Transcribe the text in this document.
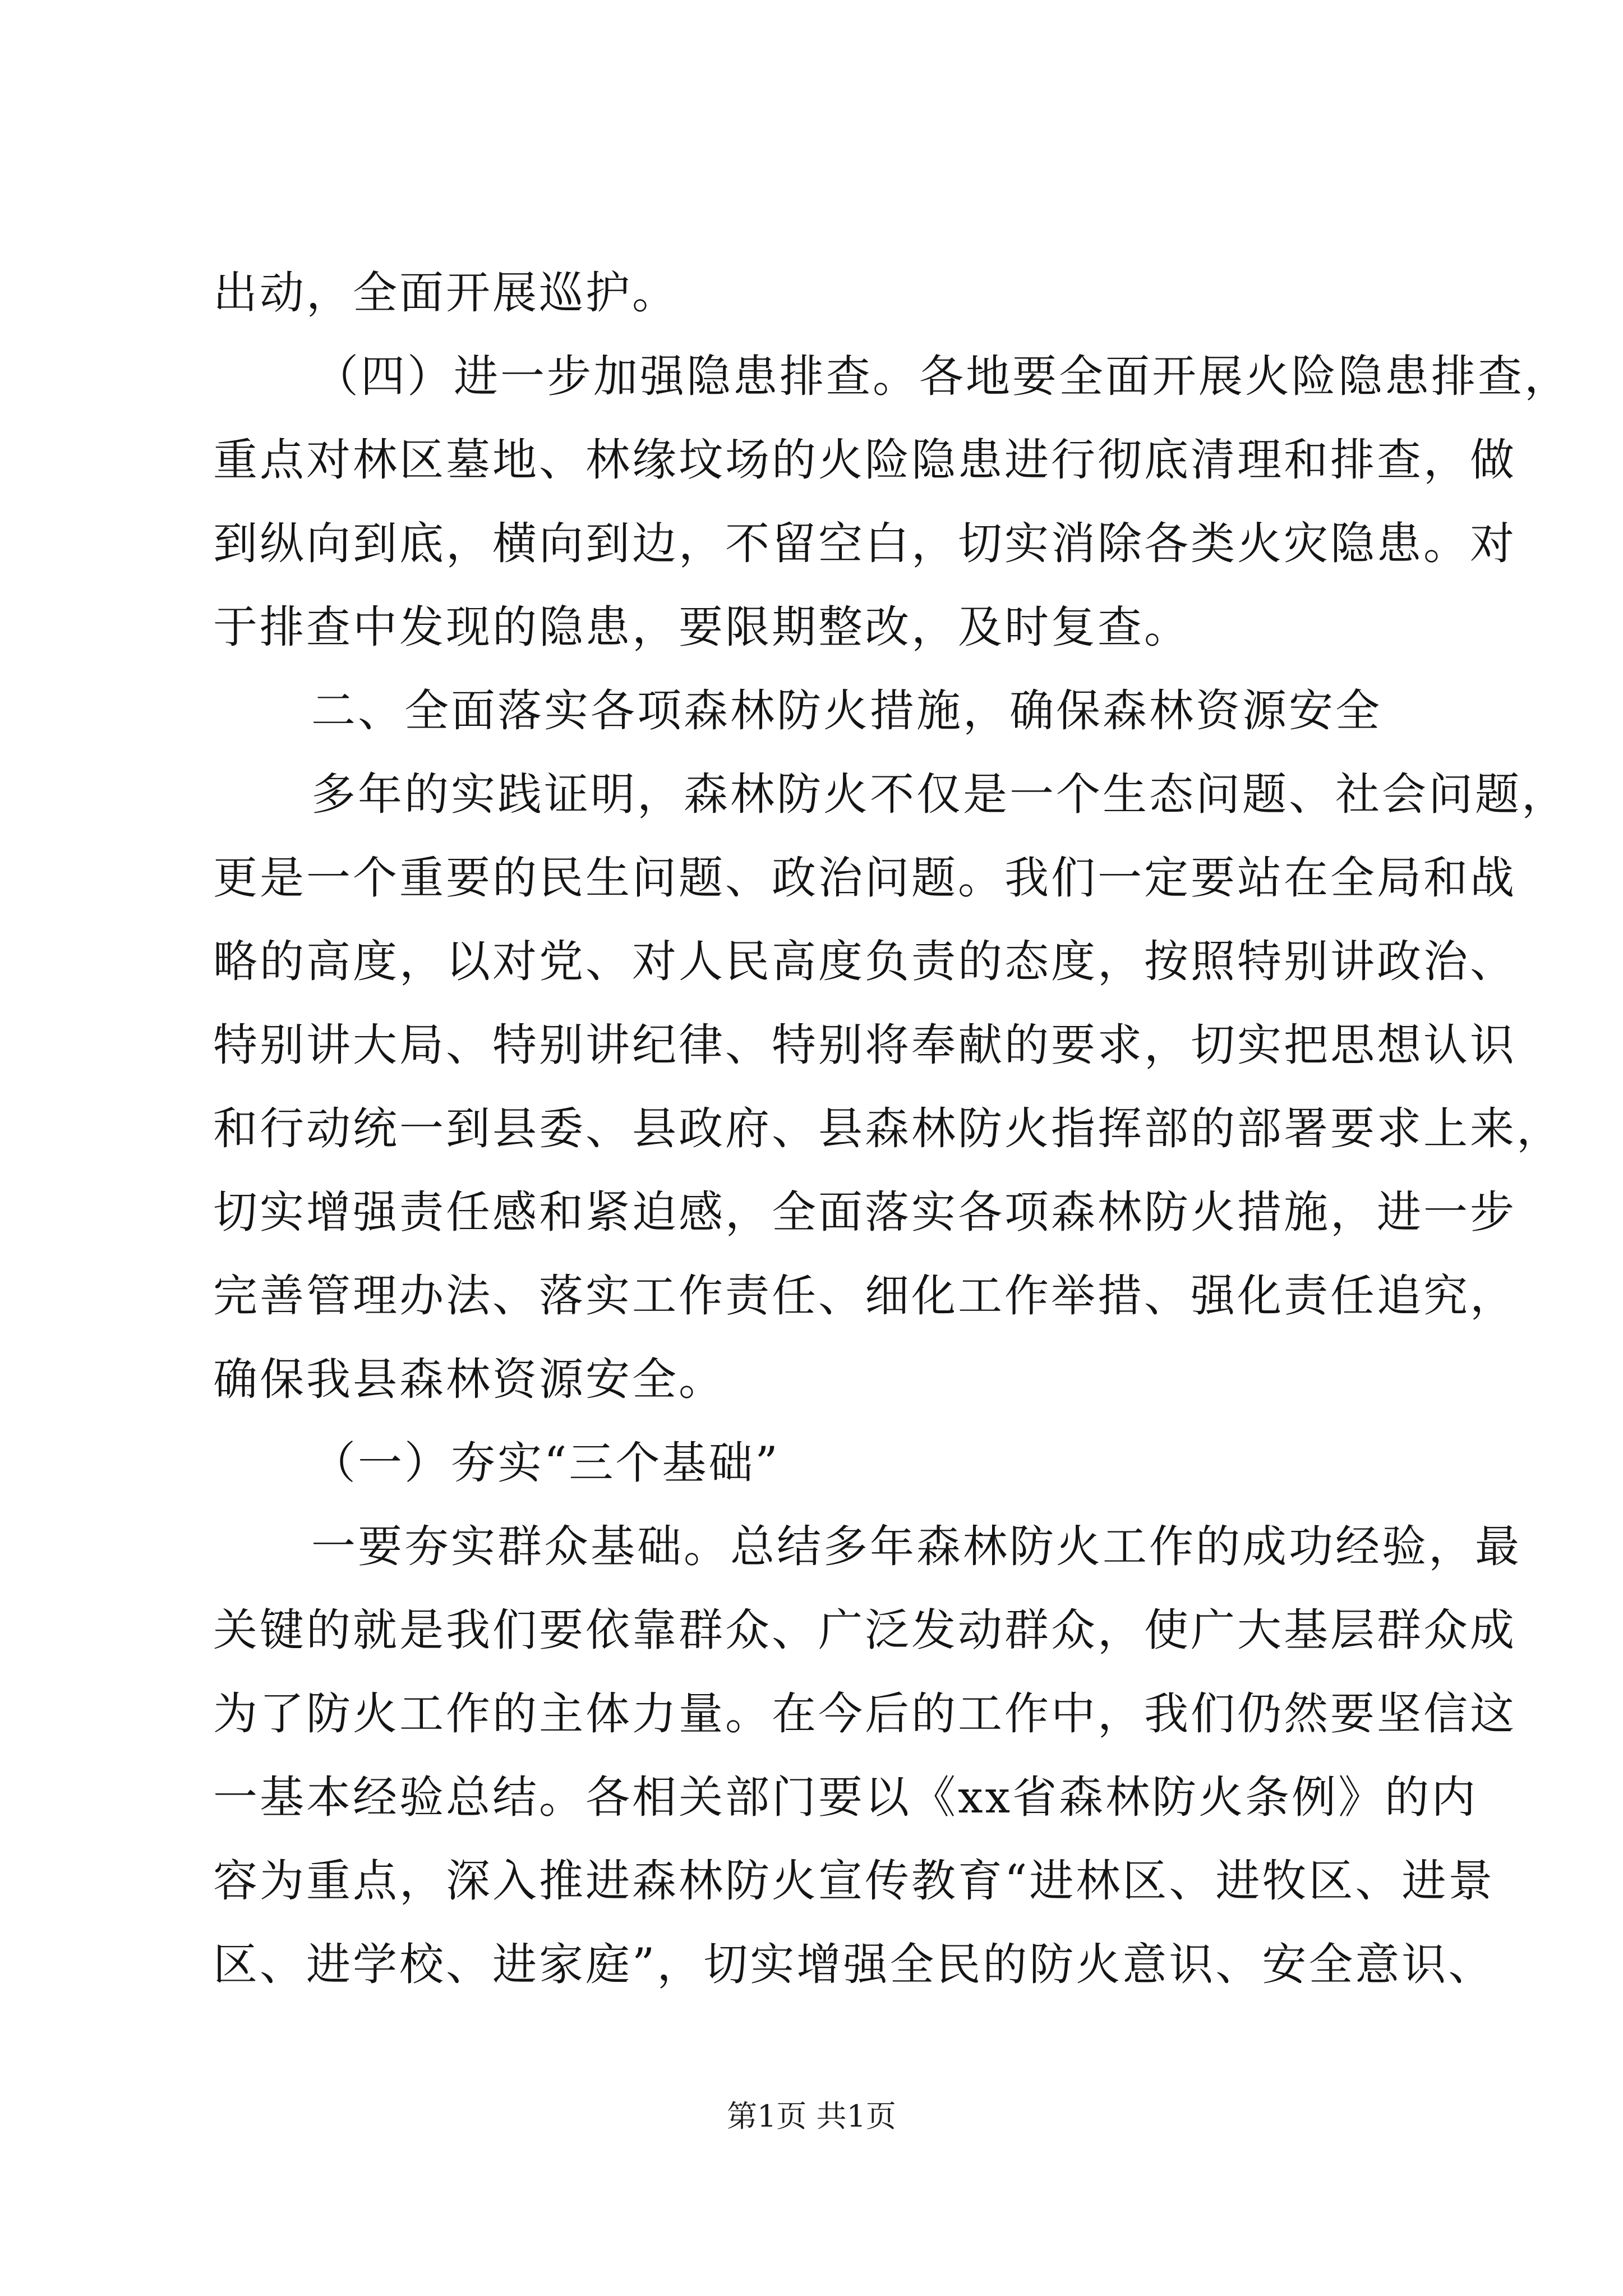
出动，全面开展巡护。

（四）进一步加强隐患排查。各地要全面开展火险隐患排查，

重点对林区墓地、林缘坟场的火险隐患进行彻底清理和排查，做

到纵向到底，横向到边，不留空白，切实消除各类火灾隐患。对

于排查中发现的隐患，要限期整改，及时复查。

二、全面落实各项森林防火措施，确保森林资源安全

多年的实践证明，森林防火不仅是一个生态问题、社会问题，

更是一个重要的民生问题、政治问题。我们一定要站在全局和战

略的高度，以对党、对人民高度负责的态度，按照特别讲政治、

特别讲大局、特别讲纪律、特别将奉献的要求，切实把思想认识

和行动统一到县委、县政府、县森林防火指挥部的部署要求上来，

切实增强责任感和紧迫感，全面落实各项森林防火措施，进一步

完善管理办法、落实工作责任、细化工作举措、强化责任追究，

确保我县森林资源安全。

（一）夯实“三个基础”

一要夯实群众基础。总结多年森林防火工作的成功经验，最

关键的就是我们要依靠群众、广泛发动群众，使广大基层群众成

为了防火工作的主体力量。在今后的工作中，我们仍然要坚信这

一基本经验总结。各相关部门要以《xx省森林防火条例》的内

容为重点，深入推进森林防火宣传教育“进林区、进牧区、进景

区、进学校、进家庭”，切实增强全民的防火意识、安全意识、

第1页 共1页
